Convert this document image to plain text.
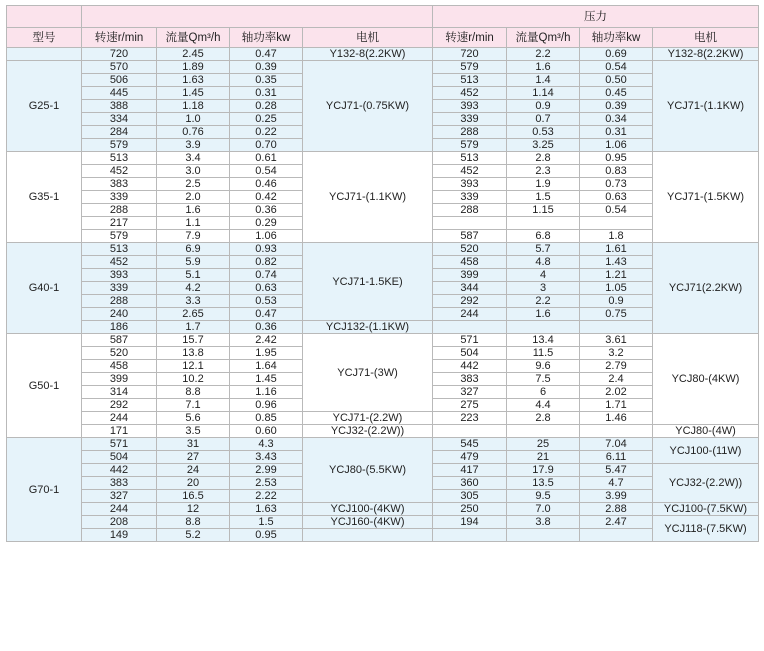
					压力			
型号	转速r/min	流量Qm³/h	轴功率kw	电机	转速r/min	流量Qm³/h	轴功率kw	电机
	720	2.45	0.47	Y132-8(2.2KW)	720	2.2	0.69	Y132-8(2.2KW)
G25-1	570	1.89	0.39	YCJ71-(0.75KW)	579	1.6	0.54	YCJ71-(1.1KW)
	506	1.63	0.35		513	1.4	0.50	
	445	1.45	0.31		452	1.14	0.45	
	388	1.18	0.28		393	0.9	0.39	
	334	1.0	0.25		339	0.7	0.34	
	284	0.76	0.22		288	0.53	0.31	
	579	3.9	0.70		579	3.25	1.06	
G35-1	513	3.4	0.61	YCJ71-(1.1KW)	513	2.8	0.95	YCJ71-(1.5KW)
	452	3.0	0.54		452	2.3	0.83	
	383	2.5	0.46		393	1.9	0.73	
	339	2.0	0.42		339	1.5	0.63	
	288	1.6	0.36		288	1.15	0.54	
	217	1.1	0.29					
	579	7.9	1.06		587	6.8	1.8	
G40-1	513	6.9	0.93	YCJ71-1.5KE)	520	5.7	1.61	YCJ71(2.2KW)
	452	5.9	0.82		458	4.8	1.43	
	393	5.1	0.74		399	4	1.21	
	339	4.2	0.63		344	3	1.05	
	288	3.3	0.53		292	2.2	0.9	
	240	2.65	0.47		244	1.6	0.75	
	186	1.7	0.36	YCJ132-(1.1KW)				
G50-1	587	15.7	2.42	YCJ71-(3W)	571	13.4	3.61	YCJ80-(4KW)
	520	13.8	1.95		504	11.5	3.2	
	458	12.1	1.64		442	9.6	2.79	
	399	10.2	1.45		383	7.5	2.4	
	314	8.8	1.16		327	6	2.02	
	292	7.1	0.96		275	4.4	1.71	
	244	5.6	0.85	YCJ71-(2.2W)	223	2.8	1.46	
	171	3.5	0.60	YCJ32-(2.2W))				YCJ80-(4W)
G70-1	571	31	4.3	YCJ80-(5.5KW)	545	25	7.04	YCJ100-(11W)
	504	27	3.43		479	21	6.11	
	442	24	2.99		417	17.9	5.47	YCJ32-(2.2W))
	383	20	2.53		360	13.5	4.7	
	327	16.5	2.22		305	9.5	3.99	
	244	12	1.63	YCJ100-(4KW)	250	7.0	2.88	YCJ100-(7.5KW)
	208	8.8	1.5	YCJ160-(4KW)	194	3.8	2.47	YCJ118-(7.5KW)
	149	5.2	0.95					
